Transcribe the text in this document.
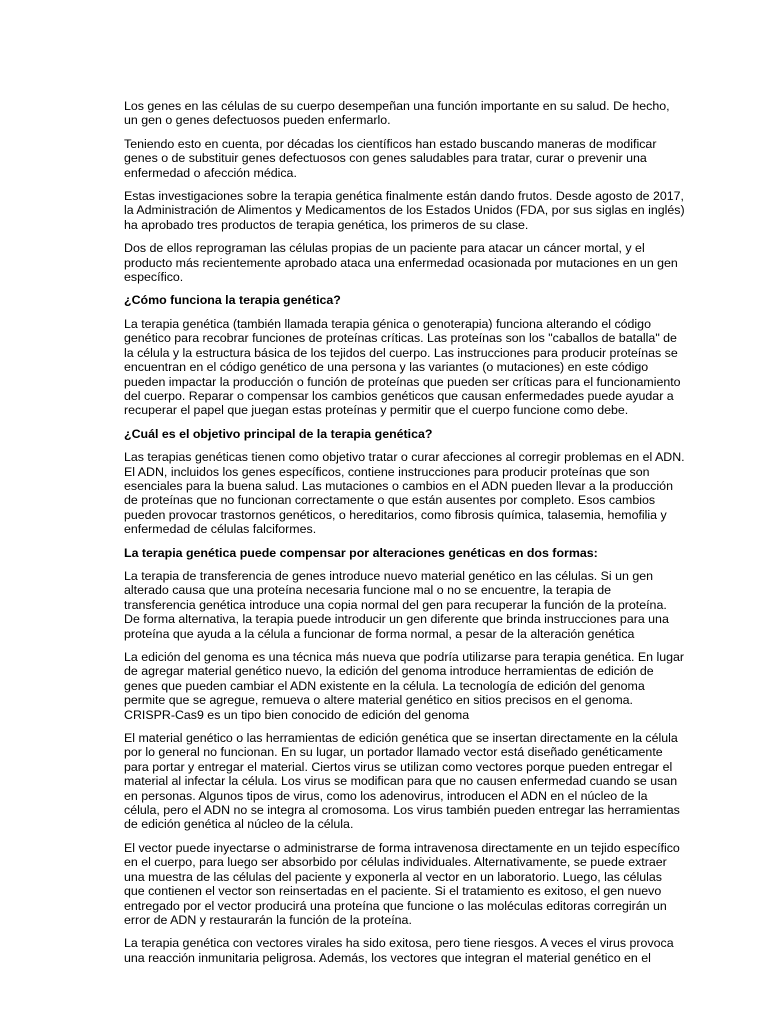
Los genes en las células de su cuerpo desempeñan una función importante en su salud. De hecho, un gen o genes defectuosos pueden enfermarlo.

Teniendo esto en cuenta, por décadas los científicos han estado buscando maneras de modificar genes o de substituir genes defectuosos con genes saludables para tratar, curar o prevenir una enfermedad o afección médica.

Estas investigaciones sobre la terapia genética finalmente están dando frutos. Desde agosto de 2017, la Administración de Alimentos y Medicamentos de los Estados Unidos (FDA, por sus siglas en inglés) ha aprobado tres productos de terapia genética, los primeros de su clase.

Dos de ellos reprograman las células propias de un paciente para atacar un cáncer mortal, y el producto más recientemente aprobado ataca una enfermedad ocasionada por mutaciones en un gen específico.

¿Cómo funciona la terapia genética?

La terapia genética (también llamada terapia génica o genoterapia) funciona alterando el código genético para recobrar funciones de proteínas críticas. Las proteínas son los "caballos de batalla" de la célula y la estructura básica de los tejidos del cuerpo. Las instrucciones para producir proteínas se encuentran en el código genético de una persona y las variantes (o mutaciones) en este código pueden impactar la producción o función de proteínas que pueden ser críticas para el funcionamiento del cuerpo. Reparar o compensar los cambios genéticos que causan enfermedades puede ayudar a recuperar el papel que juegan estas proteínas y permitir que el cuerpo funcione como debe.

¿Cuál es el objetivo principal de la terapia genética?

Las terapias genéticas tienen como objetivo tratar o curar afecciones al corregir problemas en el ADN. El ADN, incluidos los genes específicos, contiene instrucciones para producir proteínas que son esenciales para la buena salud. Las mutaciones o cambios en el ADN pueden llevar a la producción de proteínas que no funcionan correctamente o que están ausentes por completo. Esos cambios pueden provocar trastornos genéticos, o hereditarios, como fibrosis química, talasemia, hemofilia y enfermedad de células falciformes.

La terapia genética puede compensar por alteraciones genéticas en dos formas:

La terapia de transferencia de genes introduce nuevo material genético en las células. Si un gen alterado causa que una proteína necesaria funcione mal o no se encuentre, la terapia de transferencia genética introduce una copia normal del gen para recuperar la función de la proteína. De forma alternativa, la terapia puede introducir un gen diferente que brinda instrucciones para una proteína que ayuda a la célula a funcionar de forma normal, a pesar de la alteración genética

La edición del genoma es una técnica más nueva que podría utilizarse para terapia genética. En lugar de agregar material genético nuevo, la edición del genoma introduce herramientas de edición de genes que pueden cambiar el ADN existente en la célula. La tecnología de edición del genoma permite que se agregue, remueva o altere material genético en sitios precisos en el genoma. CRISPR-Cas9 es un tipo bien conocido de edición del genoma

El material genético o las herramientas de edición genética que se insertan directamente en la célula por lo general no funcionan. En su lugar, un portador llamado vector está diseñado genéticamente para portar y entregar el material. Ciertos virus se utilizan como vectores porque pueden entregar el material al infectar la célula. Los virus se modifican para que no causen enfermedad cuando se usan en personas. Algunos tipos de virus, como los adenovirus, introducen el ADN en el núcleo de la célula, pero el ADN no se integra al cromosoma. Los virus también pueden entregar las herramientas de edición genética al núcleo de la célula.

El vector puede inyectarse o administrarse de forma intravenosa directamente en un tejido específico en el cuerpo, para luego ser absorbido por células individuales. Alternativamente, se puede extraer una muestra de las células del paciente y exponerla al vector en un laboratorio. Luego, las células que contienen el vector son reinsertadas en el paciente. Si el tratamiento es exitoso, el gen nuevo entregado por el vector producirá una proteína que funcione o las moléculas editoras corregirán un error de ADN y restaurarán la función de la proteína.

La terapia genética con vectores virales ha sido exitosa, pero tiene riesgos. A veces el virus provoca una reacción inmunitaria peligrosa. Además, los vectores que integran el material genético en el
